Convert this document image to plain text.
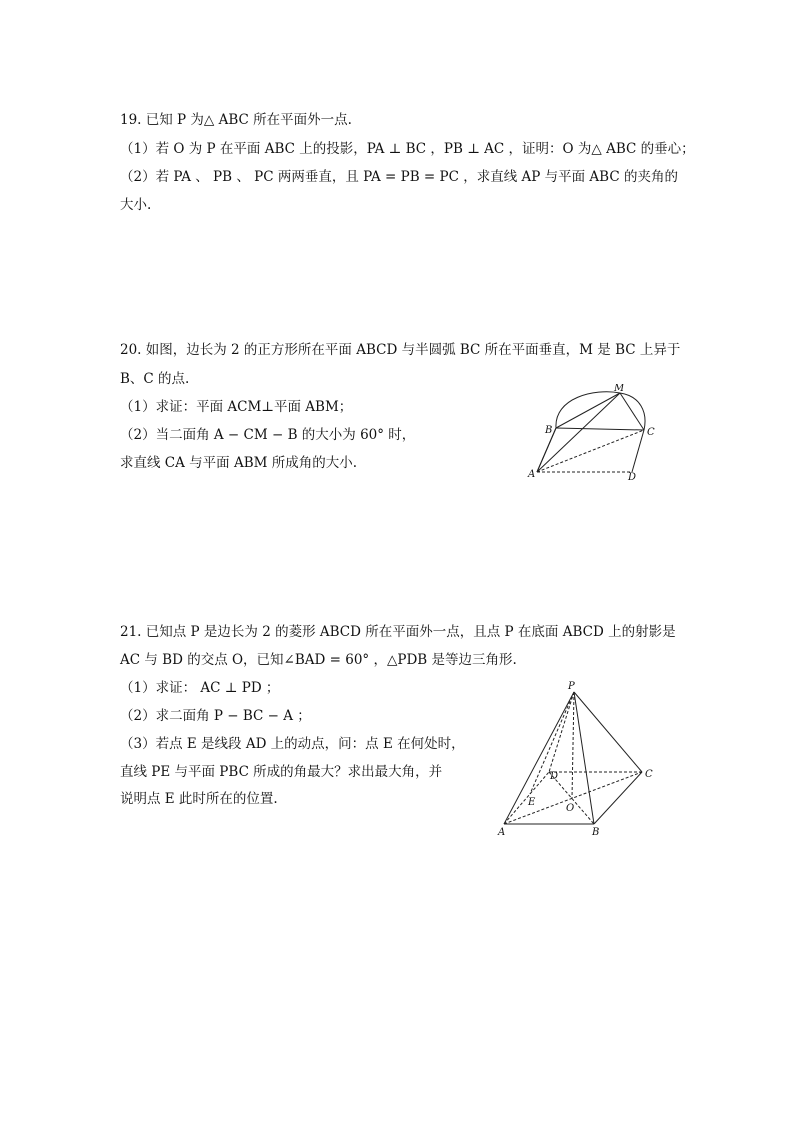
19. 已知 P 为△ ABC 所在平面外一点.
（1）若 O 为 P 在平面 ABC 上的投影，PA ⊥ BC ，PB ⊥ AC ，证明：O 为△ ABC 的垂心；
（2）若 PA 、 PB 、 PC 两两垂直，且 PA = PB = PC ，求直线 AP 与平面 ABC 的夹角的
大小.
20. 如图，边长为 2 的正方形所在平面 ABCD 与半圆弧 BC 所在平面垂直，M 是 BC 上异于
B、C 的点.
（1）求证：平面 ACM⊥平面 ABM；
（2）当二面角 A − CM − B 的大小为 60° 时，
求直线 CA 与平面 ABM 所成角的大小.
M
B	C
A	D
21. 已知点 P 是边长为 2 的菱形 ABCD 所在平面外一点，且点 P 在底面 ABCD 上的射影是
AC 与 BD 的交点 O，已知∠BAD = 60° ，△PDB 是等边三角形.
（1）求证： AC ⊥ PD ；
（2）求二面角 P − BC − A ；
（3）若点 E 是线段 AD 上的动点，问：点 E 在何处时，
直线 PE 与平面 PBC 所成的角最大？求出最大角，并
说明点 E 此时所在的位置.
P
D	C
E
O
A	B
